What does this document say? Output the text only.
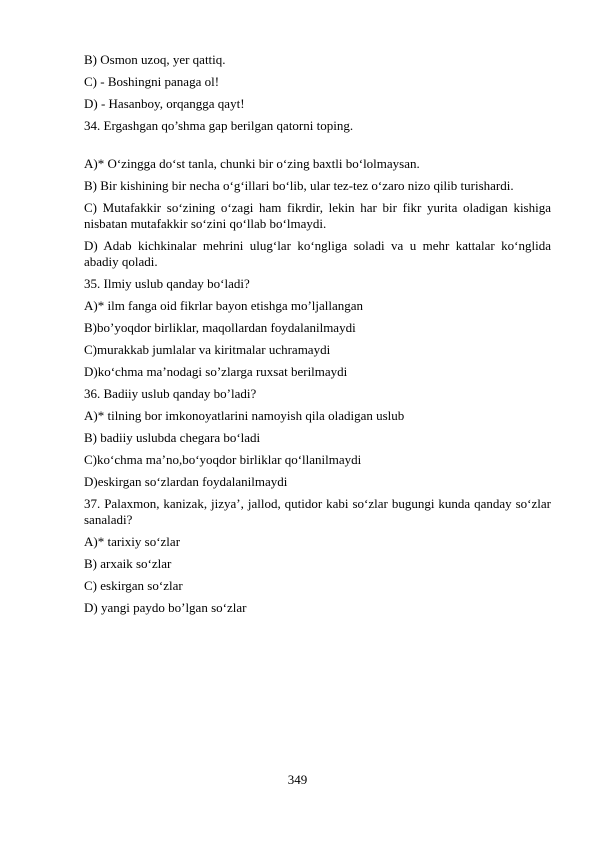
B) Osmon uzoq, yer qattiq.
C) - Boshingni panaga ol!
D) - Hasanboy, orqangga qayt!
34. Ergashgan qo’shma gap berilgan qatorni toping.
A)* O‘zingga do‘st tanla, chunki bir o‘zing baxtli bo‘lolmaysan.
B) Bir kishining bir necha o‘g‘illari bo‘lib, ular tez-tez o‘zaro nizo qilib turishardi.
C) Mutafakkir so‘zining o‘zagi ham fikrdir, lekin har bir fikr yurita oladigan kishiga nisbatan mutafakkir so‘zini qo‘llab bo‘lmaydi.
D) Adab kichkinalar mehrini ulug‘lar ko‘ngliga soladi va u mehr kattalar ko‘nglida abadiy qoladi.
35. Ilmiy uslub qanday bo‘ladi?
A)* ilm fanga oid fikrlar bayon etishga mo’ljallangan
B)bo’yoqdor birliklar, maqollardan foydalanilmaydi
C)murakkab jumlalar va kiritmalar uchramaydi
D)ko‘chma ma’nodagi so’zlarga ruxsat berilmaydi
36. Badiiy uslub qanday bo’ladi?
A)* tilning bor imkonoyatlarini namoyish qila oladigan uslub
B) badiiy uslubda chegara bo‘ladi
C)ko‘chma ma’no,bo‘yoqdor birliklar qo‘llanilmaydi
D)eskirgan so‘zlardan foydalanilmaydi
37. Palaxmon, kanizak, jizya’, jallod, qutidor kabi so‘zlar bugungi kunda qanday so‘zlar sanaladi?
A)* tarixiy so‘zlar
B) arxaik so‘zlar
C) eskirgan so‘zlar
D) yangi paydo bo’lgan so‘zlar
349
